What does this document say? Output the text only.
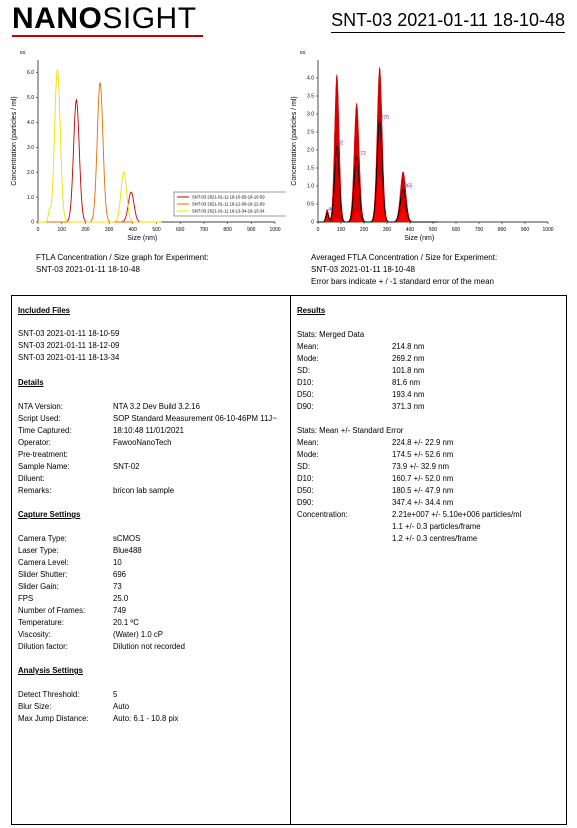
NANOSIGHT	SNT-03 2021-01-11 18-10-48
0	100	200	300	400	500	600	700	800	900	1000
0
1.0
2.0
3.0
4.0
5.0
6.0
E6
Size (nm)
Concentration (particles / ml)
SNT-03 2021-01-11 18-10-59-18-10-59
SNT-03 2021-01-11 18-12-09-18-12-09
SNT-03 2021-01-11 18-13-34-18-13-34
0	100	200	300	400	500	600	700	800	900	1000
0
0.5
1.0
1.5
2.0
2.5
3.0
3.5
4.0
E6
Size (nm)
Concentration (particles / ml)
40
82
172
270
365
FTLA Concentration / Size graph for Experiment:
SNT-03 2021-01-11 18-10-48
Averaged FTLA Concentration / Size for Experiment:
SNT-03 2021-01-11 18-10-48
Error bars indicate + / -1 standard error of the mean
Included Files
SNT-03 2021-01-11 18-10-59
SNT-03 2021-01-11 18-12-09
SNT-03 2021-01-11 18-13-34
Details
NTA Version:	NTA 3.2 Dev Build 3.2.16
Script Used:	SOP Standard Measurement 06-10-46PM 11J~
Time Captured:	18:10:48 11/01/2021
Operator:	FawooNanoTech
Pre-treatment:
Sample Name:	SNT-02
Diluent:
Remarks:	bricon lab sample
Capture Settings
Camera Type:	sCMOS
Laser Type:	Blue488
Camera Level:	10
Slider Shutter:	696
Slider Gain:	73
FPS	25.0
Number of Frames:	749
Temperature:	20.1 ºC
Viscosity:	(Water) 1.0 cP
Dilution factor:	Dilution not recorded
Analysis Settings
Detect Threshold:	5
Blur Size:	Auto
Max Jump Distance:	Auto: 6.1 - 10.8 pix
Results
Stats: Merged Data
Mean:	214.8 nm
Mode:	269.2 nm
SD:	101.8 nm
D10:	81.6 nm
D50:	193.4 nm
D90:	371.3 nm
Stats: Mean +/- Standard Error
Mean:	224.8 +/- 22.9 nm
Mode:	174.5 +/- 52.6 nm
SD:	73.9 +/- 32.9 nm
D10:	160.7 +/- 52.0 nm
D50:	180.5 +/- 47.9 nm
D90:	347.4 +/- 34.4 nm
Concentration:	2.21e+007 +/- 5.10e+006 particles/ml
1.1 +/- 0.3 particles/frame
1.2 +/- 0.3 centres/frame
